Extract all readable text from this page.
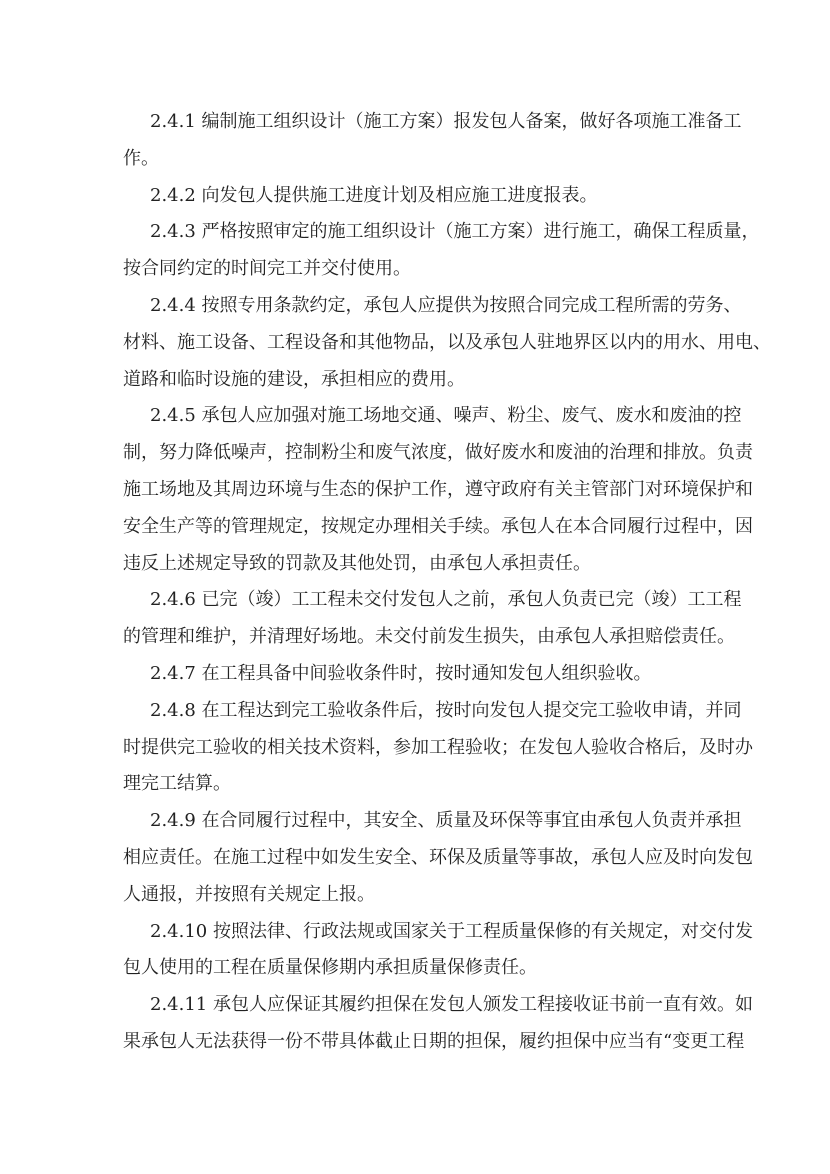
2.4.1 编制施工组织设计（施工方案）报发包人备案，做好各项施工准备工
作。
2.4.2 向发包人提供施工进度计划及相应施工进度报表。
2.4.3 严格按照审定的施工组织设计（施工方案）进行施工，确保工程质量，
按合同约定的时间完工并交付使用。
2.4.4 按照专用条款约定，承包人应提供为按照合同完成工程所需的劳务、
材料、施工设备、工程设备和其他物品，以及承包人驻地界区以内的用水、用电、
道路和临时设施的建设，承担相应的费用。
2.4.5 承包人应加强对施工场地交通、噪声、粉尘、废气、废水和废油的控
制，努力降低噪声，控制粉尘和废气浓度，做好废水和废油的治理和排放。负责
施工场地及其周边环境与生态的保护工作，遵守政府有关主管部门对环境保护和
安全生产等的管理规定，按规定办理相关手续。承包人在本合同履行过程中，因
违反上述规定导致的罚款及其他处罚，由承包人承担责任。
2.4.6 已完（竣）工工程未交付发包人之前，承包人负责已完（竣）工工程
的管理和维护，并清理好场地。未交付前发生损失，由承包人承担赔偿责任。
2.4.7 在工程具备中间验收条件时，按时通知发包人组织验收。
2.4.8 在工程达到完工验收条件后，按时向发包人提交完工验收申请，并同
时提供完工验收的相关技术资料，参加工程验收；在发包人验收合格后，及时办
理完工结算。
2.4.9 在合同履行过程中，其安全、质量及环保等事宜由承包人负责并承担
相应责任。在施工过程中如发生安全、环保及质量等事故，承包人应及时向发包
人通报，并按照有关规定上报。
2.4.10 按照法律、行政法规或国家关于工程质量保修的有关规定，对交付发
包人使用的工程在质量保修期内承担质量保修责任。
2.4.11 承包人应保证其履约担保在发包人颁发工程接收证书前一直有效。如
果承包人无法获得一份不带具体截止日期的担保，履约担保中应当有“变更工程
